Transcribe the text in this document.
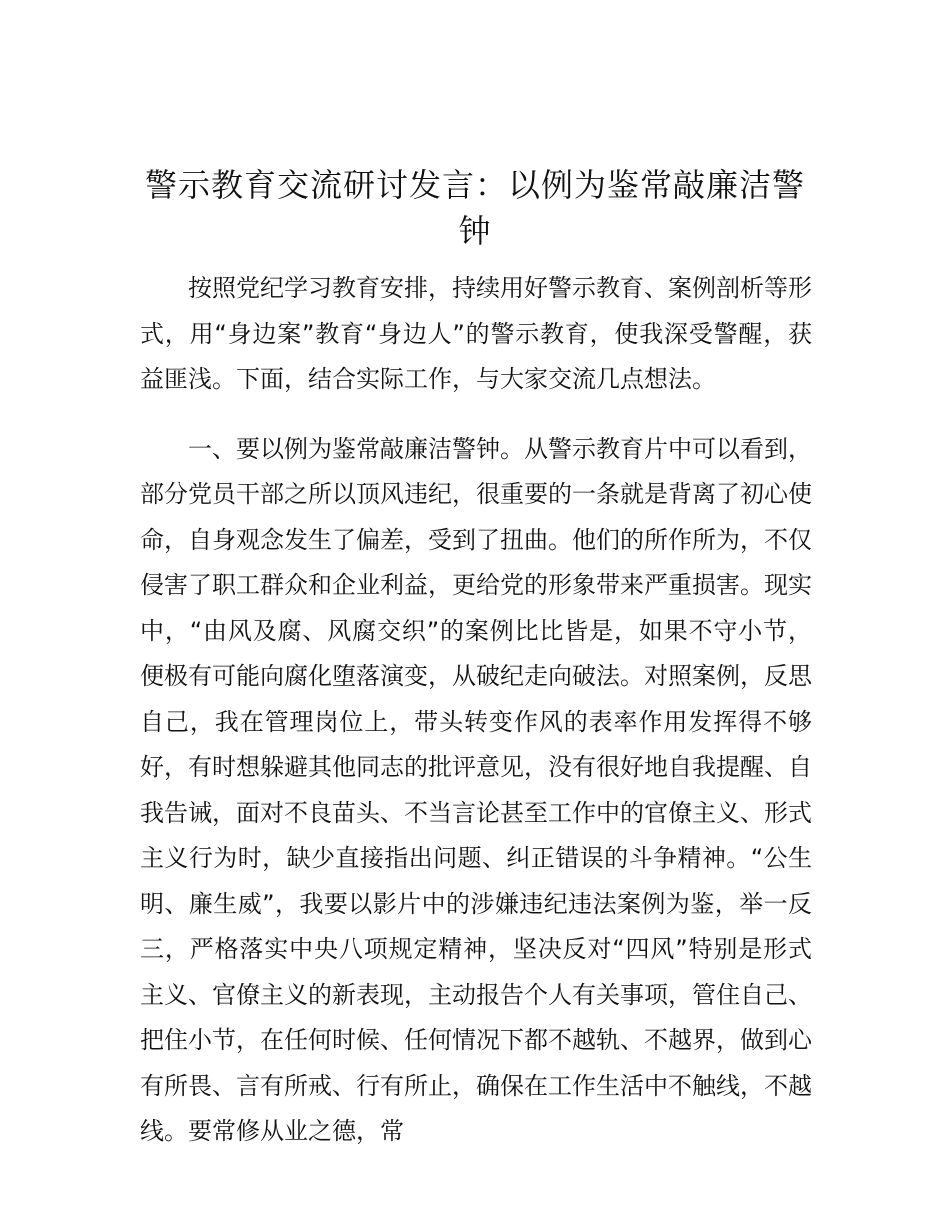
警示教育交流研讨发言：以例为鉴常敲廉洁警钟

按照党纪学习教育安排，持续用好警示教育、案例剖析等形式，用“身边案”教育“身边人”的警示教育，使我深受警醒，获益匪浅。下面，结合实际工作，与大家交流几点想法。

一、要以例为鉴常敲廉洁警钟。从警示教育片中可以看到，部分党员干部之所以顶风违纪，很重要的一条就是背离了初心使命，自身观念发生了偏差，受到了扭曲。他们的所作所为，不仅侵害了职工群众和企业利益，更给党的形象带来严重损害。现实中，“由风及腐、风腐交织”的案例比比皆是，如果不守小节，便极有可能向腐化堕落演变，从破纪走向破法。对照案例，反思自己，我在管理岗位上，带头转变作风的表率作用发挥得不够好，有时想躲避其他同志的批评意见，没有很好地自我提醒、自我告诫，面对不良苗头、不当言论甚至工作中的官僚主义、形式主义行为时，缺少直接指出问题、纠正错误的斗争精神。“公生明、廉生威”，我要以影片中的涉嫌违纪违法案例为鉴，举一反三，严格落实中央八项规定精神，坚决反对“四风”特别是形式主义、官僚主义的新表现，主动报告个人有关事项，管住自己、把住小节，在任何时候、任何情况下都不越轨、不越界，做到心有所畏、言有所戒、行有所止，确保在工作生活中不触线，不越线。要常修从业之德，常
